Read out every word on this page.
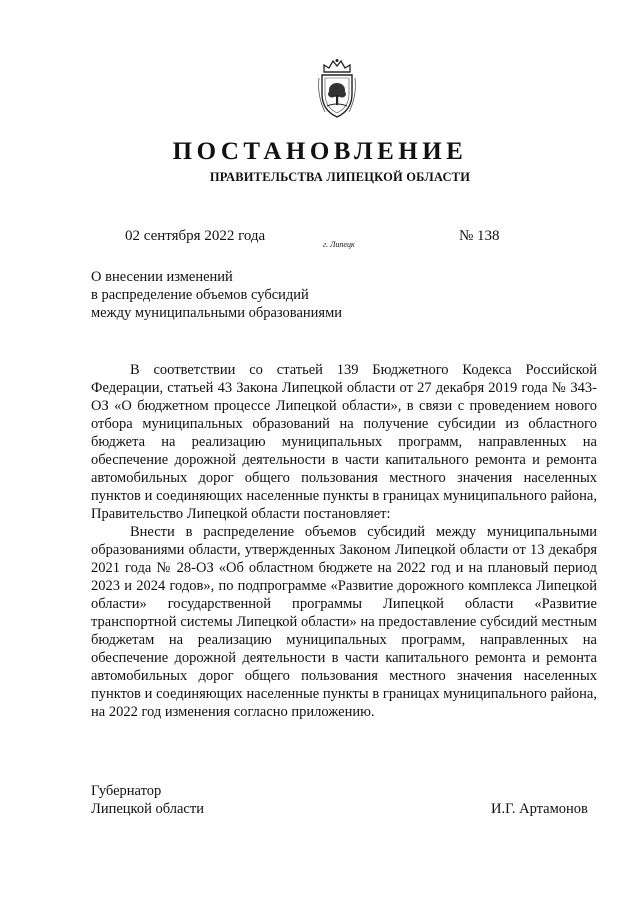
ПОСТАНОВЛЕНИЕ
ПРАВИТЕЛЬСТВА ЛИПЕЦКОЙ ОБЛАСТИ
02 сентября 2022 года
г. Липецк
№ 138
О внесении изменений
в распределение объемов субсидий
между муниципальными образованиями

В соответствии со статьей 139 Бюджетного Кодекса Российской Федерации, статьей 43 Закона Липецкой области от 27 декабря 2019 года № 343-ОЗ «О бюджетном процессе Липецкой области», в связи с проведением нового отбора муниципальных образований на получение субсидии из областного бюджета на реализацию муниципальных программ, направленных на обеспечение дорожной деятельности в части капитального ремонта и ремонта автомобильных дорог общего пользования местного значения населенных пунктов и соединяющих населенные пункты в границах муниципального района, Правительство Липецкой области постановляет:

Внести в распределение объемов субсидий между муниципальными образованиями области, утвержденных Законом Липецкой области от 13 декабря 2021 года № 28-ОЗ «Об областном бюджете на 2022 год и на плановый период 2023 и 2024 годов», по подпрограмме «Развитие дорожного комплекса Липецкой области» государственной программы Липецкой области «Развитие транспортной системы Липецкой области» на предоставление субсидий местным бюджетам на реализацию муниципальных программ, направленных на обеспечение дорожной деятельности в части капитального ремонта и ремонта автомобильных дорог общего пользования местного значения населенных пунктов и соединяющих населенные пункты в границах муниципального района, на 2022 год изменения согласно приложению.

Губернатор
Липецкой области	И.Г. Артамонов
